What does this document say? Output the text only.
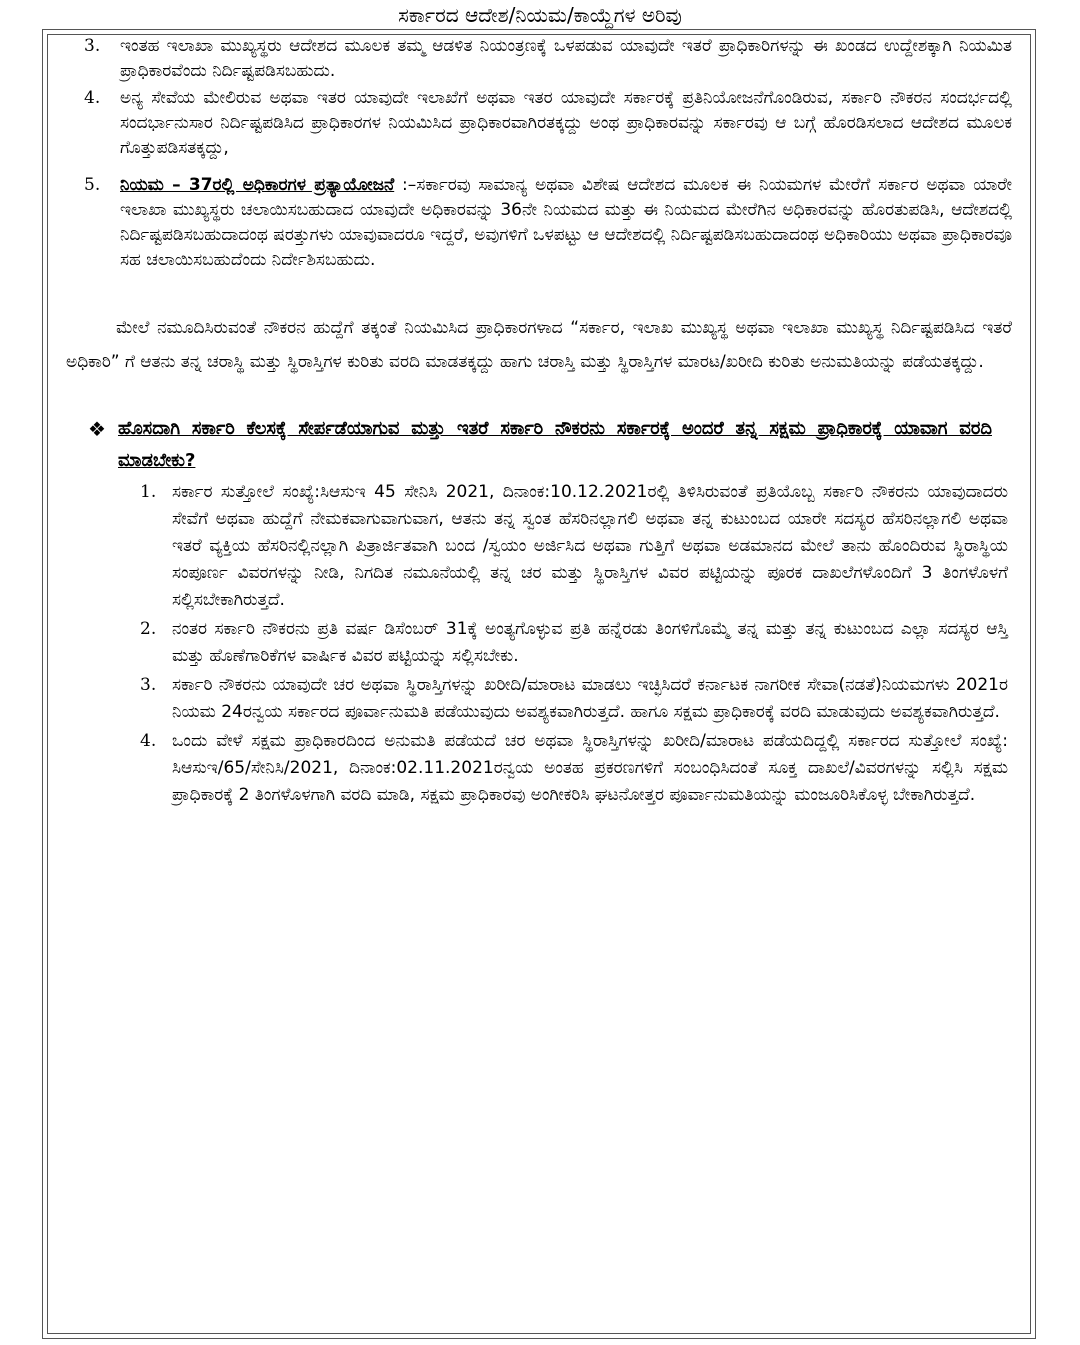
ಸರ್ಕಾರದ ಆದೇಶ/ನಿಯಮ/ಕಾಯ್ದೆಗಳ ಅರಿವು
3. ಇಂತಹ ಇಲಾಖಾ ಮುಖ್ಯಸ್ಥರು ಆದೇಶದ ಮೂಲಕ ತಮ್ಮ ಆಡಳಿತ ನಿಯಂತ್ರಣಕ್ಕೆ ಒಳಪಡುವ ಯಾವುದೇ ಇತರೆ ಪ್ರಾಧಿಕಾರಿಗಳನ್ನು ಈ ಖಂಡದ ಉದ್ದೇಶಕ್ಕಾಗಿ ನಿಯಮಿತ ಪ್ರಾಧಿಕಾರವೆಂದು ನಿರ್ದಿಷ್ಟಪಡಿಸಬಹುದು.
4. ಅನ್ಯ ಸೇವೆಯ ಮೇಲಿರುವ ಅಥವಾ ಇತರ ಯಾವುದೇ ಇಲಾಖೆಗೆ ಅಥವಾ ಇತರ ಯಾವುದೇ ಸರ್ಕಾರಕ್ಕೆ ಪ್ರತಿನಿಯೋಜನೆಗೊಂಡಿರುವ, ಸರ್ಕಾರಿ ನೌಕರನ ಸಂದರ್ಭದಲ್ಲಿ ಸಂದರ್ಭಾನುಸಾರ ನಿರ್ದಿಷ್ಟಪಡಿಸಿದ ಪ್ರಾಧಿಕಾರಗಳ ನಿಯಮಿಸಿದ ಪ್ರಾಧಿಕಾರವಾಗಿರತಕ್ಕದ್ದು ಅಂಥ ಪ್ರಾಧಿಕಾರವನ್ನು ಸರ್ಕಾರವು ಆ ಬಗ್ಗೆ ಹೊರಡಿಸಲಾದ ಆದೇಶದ ಮೂಲಕ ಗೊತ್ತುಪಡಿಸತಕ್ಕದ್ದು,
5. ನಿಯಮ – 37ರಲ್ಲಿ ಅಧಿಕಾರಗಳ ಪ್ರತ್ಯಾಯೋಜನೆ :–ಸರ್ಕಾರವು ಸಾಮಾನ್ಯ ಅಥವಾ ವಿಶೇಷ ಆದೇಶದ ಮೂಲಕ ಈ ನಿಯಮಗಳ ಮೇರೆಗೆ ಸರ್ಕಾರ ಅಥವಾ ಯಾರೇ ಇಲಾಖಾ ಮುಖ್ಯಸ್ಥರು ಚಲಾಯಿಸಬಹುದಾದ ಯಾವುದೇ ಅಧಿಕಾರವನ್ನು 36ನೇ ನಿಯಮದ ಮತ್ತು ಈ ನಿಯಮದ ಮೇರೆಗಿನ ಅಧಿಕಾರವನ್ನು ಹೊರತುಪಡಿಸಿ, ಆದೇಶದಲ್ಲಿ ನಿರ್ದಿಷ್ಟಪಡಿಸಬಹುದಾದಂಥ ಷರತ್ತುಗಳು ಯಾವುವಾದರೂ ಇದ್ದರೆ, ಅವುಗಳಿಗೆ ಒಳಪಟ್ಟು ಆ ಆದೇಶದಲ್ಲಿ ನಿರ್ದಿಷ್ಟಪಡಿಸಬಹುದಾದಂಥ ಅಧಿಕಾರಿಯು ಅಥವಾ ಪ್ರಾಧಿಕಾರವೂ ಸಹ ಚಲಾಯಿಸಬಹುದೆಂದು ನಿರ್ದೇಶಿಸಬಹುದು.
ಮೇಲೆ ನಮೂದಿಸಿರುವಂತೆ ನೌಕರನ ಹುದ್ದೆಗೆ ತಕ್ಕಂತೆ ನಿಯಮಿಸಿದ ಪ್ರಾಧಿಕಾರಗಳಾದ “ಸರ್ಕಾರ, ಇಲಾಖ ಮುಖ್ಯಸ್ಥ ಅಥವಾ ಇಲಾಖಾ ಮುಖ್ಯಸ್ಥ ನಿರ್ದಿಷ್ಟಪಡಿಸಿದ ಇತರೆ ಅಧಿಕಾರಿ” ಗೆ ಆತನು ತನ್ನ ಚರಾಸ್ಥಿ ಮತ್ತು ಸ್ಥಿರಾಸ್ತಿಗಳ ಕುರಿತು ವರದಿ ಮಾಡತಕ್ಕದ್ದು ಹಾಗು ಚರಾಸ್ತಿ ಮತ್ತು ಸ್ಥಿರಾಸ್ತಿಗಳ ಮಾರಟ/ಖರೀದಿ ಕುರಿತು ಅನುಮತಿಯನ್ನು ಪಡೆಯತಕ್ಕದ್ದು.
❖ ಹೊಸದಾಗಿ ಸರ್ಕಾರಿ ಕೆಲಸಕ್ಕೆ ಸೇರ್ಪಡೆಯಾಗುವ ಮತ್ತು ಇತರೆ ಸರ್ಕಾರಿ ನೌಕರನು ಸರ್ಕಾರಕ್ಕೆ ಅಂದರೆ ತನ್ನ ಸಕ್ಷಮ ಪ್ರಾಧಿಕಾರಕ್ಕೆ ಯಾವಾಗ ವರದಿ ಮಾಡಬೇಕು?
1. ಸರ್ಕಾರ ಸುತ್ತೋಲೆ ಸಂಖ್ಯೆ:ಸಿಆಸುಇ 45 ಸೇನಿಸಿ 2021, ದಿನಾಂಕ:10.12.2021ರಲ್ಲಿ ತಿಳಿಸಿರುವಂತೆ ಪ್ರತಿಯೊಬ್ಬ ಸರ್ಕಾರಿ ನೌಕರನು ಯಾವುದಾದರು ಸೇವೆಗೆ ಅಥವಾ ಹುದ್ದೆಗೆ ನೇಮಕವಾಗುವಾಗುವಾಗ, ಆತನು ತನ್ನ ಸ್ವಂತ ಹೆಸರಿನಲ್ಲಾಗಲಿ ಅಥವಾ ತನ್ನ ಕುಟುಂಬದ ಯಾರೇ ಸದಸ್ಯರ ಹೆಸರಿನಲ್ಲಾಗಲಿ ಅಥವಾ ಇತರೆ ವ್ಯಕ್ತಿಯ ಹೆಸರಿನಲ್ಲಿನಲ್ಲಾಗಿ ಪಿತ್ರಾರ್ಜಿತವಾಗಿ ಬಂದ /ಸ್ವಯಂ ಅರ್ಜಿಸಿದ ಅಥವಾ ಗುತ್ತಿಗೆ ಅಥವಾ ಅಡಮಾನದ ಮೇಲೆ ತಾನು ಹೊಂದಿರುವ ಸ್ಥಿರಾಸ್ಥಿಯ ಸಂಪೂರ್ಣ ವಿವರಗಳನ್ನು ನೀಡಿ, ನಿಗದಿತ ನಮೂನೆಯಲ್ಲಿ ತನ್ನ ಚರ ಮತ್ತು ಸ್ಥಿರಾಸ್ತಿಗಳ ವಿವರ ಪಟ್ಟಿಯನ್ನು ಪೂರಕ ದಾಖಲೆಗಳೊಂದಿಗೆ 3 ತಿಂಗಳೊಳಗೆ ಸಲ್ಲಿಸಬೇಕಾಗಿರುತ್ತದೆ.
2. ನಂತರ ಸರ್ಕಾರಿ ನೌಕರನು ಪ್ರತಿ ವರ್ಷ ಡಿಸೆಂಬರ್ 31ಕ್ಕೆ ಅಂತ್ಯಗೊಳ್ಳುವ ಪ್ರತಿ ಹನ್ನೆರಡು ತಿಂಗಳಿಗೊಮ್ಮೆ ತನ್ನ ಮತ್ತು ತನ್ನ ಕುಟುಂಬದ ಎಲ್ಲಾ ಸದಸ್ಯರ ಆಸ್ತಿ ಮತ್ತು ಹೊಣೆಗಾರಿಕೆಗಳ ವಾರ್ಷಿಕ ವಿವರ ಪಟ್ಟಿಯನ್ನು ಸಲ್ಲಿಸಬೇಕು.
3. ಸರ್ಕಾರಿ ನೌಕರನು ಯಾವುದೇ ಚರ ಅಥವಾ ಸ್ಥಿರಾಸ್ತಿಗಳನ್ನು ಖರೀದಿ/ಮಾರಾಟ ಮಾಡಲು ಇಚ್ಛಿಸಿದರೆ ಕರ್ನಾಟಕ ನಾಗರೀಕ ಸೇವಾ(ನಡತೆ)ನಿಯಮಗಳು 2021ರ ನಿಯಮ 24ರನ್ವಯ ಸರ್ಕಾರದ ಪೂರ್ವಾನುಮತಿ ಪಡೆಯುವುದು ಅವಶ್ಯಕವಾಗಿರುತ್ತದೆ. ಹಾಗೂ ಸಕ್ಷಮ ಪ್ರಾಧಿಕಾರಕ್ಕೆ ವರದಿ ಮಾಡುವುದು ಅವಶ್ಯಕವಾಗಿರುತ್ತದೆ.
4. ಒಂದು ವೇಳೆ ಸಕ್ಷಮ ಪ್ರಾಧಿಕಾರದಿಂದ ಅನುಮತಿ ಪಡೆಯದೆ ಚರ ಅಥವಾ ಸ್ಥಿರಾಸ್ತಿಗಳನ್ನು ಖರೀದಿ/ಮಾರಾಟ ಪಡೆಯದಿದ್ದಲ್ಲಿ ಸರ್ಕಾರದ ಸುತ್ತೋಲೆ ಸಂಖ್ಯೆ: ಸಿಆಸುಇ/65/ಸೇನಿಸಿ/2021, ದಿನಾಂಕ:02.11.2021ರನ್ವಯ ಅಂತಹ ಪ್ರಕರಣಗಳಿಗೆ ಸಂಬಂಧಿಸಿದಂತೆ ಸೂಕ್ತ ದಾಖಲೆ/ವಿವರಗಳನ್ನು ಸಲ್ಲಿಸಿ ಸಕ್ಷಮ ಪ್ರಾಧಿಕಾರಕ್ಕೆ 2 ತಿಂಗಳೊಳಗಾಗಿ ವರದಿ ಮಾಡಿ, ಸಕ್ಷಮ ಪ್ರಾಧಿಕಾರವು ಅಂಗೀಕರಿಸಿ ಘಟನೋತ್ತರ ಪೂರ್ವಾನುಮತಿಯನ್ನು ಮಂಜೂರಿಸಿಕೊಳ್ಳ ಬೇಕಾಗಿರುತ್ತದೆ.
